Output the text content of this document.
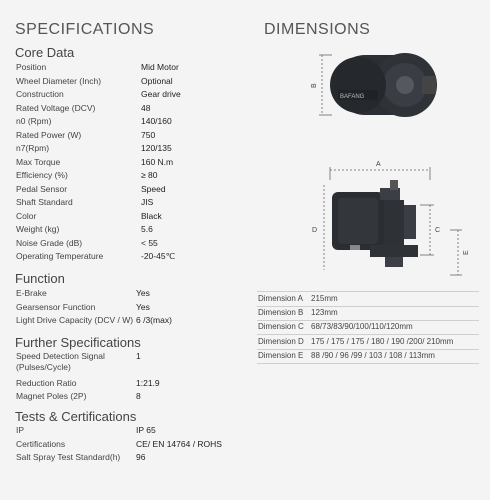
SPECIFICATIONS	DIMENSIONS
Core Data
Position	Mid Motor
Wheel Diameter (Inch)	Optional
Construction	Gear drive
Rated Voltage (DCV)	48
n0 (Rpm)	140/160
Rated Power (W)	750
n7(Rpm)	120/135
Max Torque	160 N.m
Efficiency (%)	≥ 80
Pedal Sensor	Speed
Shaft Standard	JIS
Color	Black
Weight (kg)	5.6
Noise Grade (dB)	< 55
Operating Temperature	-20-45℃
Function
E-Brake	Yes
Gearsensor Function	Yes
Light Drive Capacity (DCV / W) 6 /3(max)
Further Specifications
Speed Detection Signal	1
(Pulses/Cycle)
Reduction Ratio	1:21.9
Magnet Poles (2P)	8
Tests & Certifications
IP	IP 65
Certifications	CE/ EN 14764 / ROHS
Salt Spray Test Standard(h) 96
Dimension A 215mm
Dimension B 123mm
Dimension C 68/73/83/90/100/110/120mm
Dimension D 175 / 175 / 175 / 180 / 190 /200/ 210mm
Dimension E 88 /90 / 96 /99 / 103 / 108 / 113mm
BAFANG
B
A
D	C
E
